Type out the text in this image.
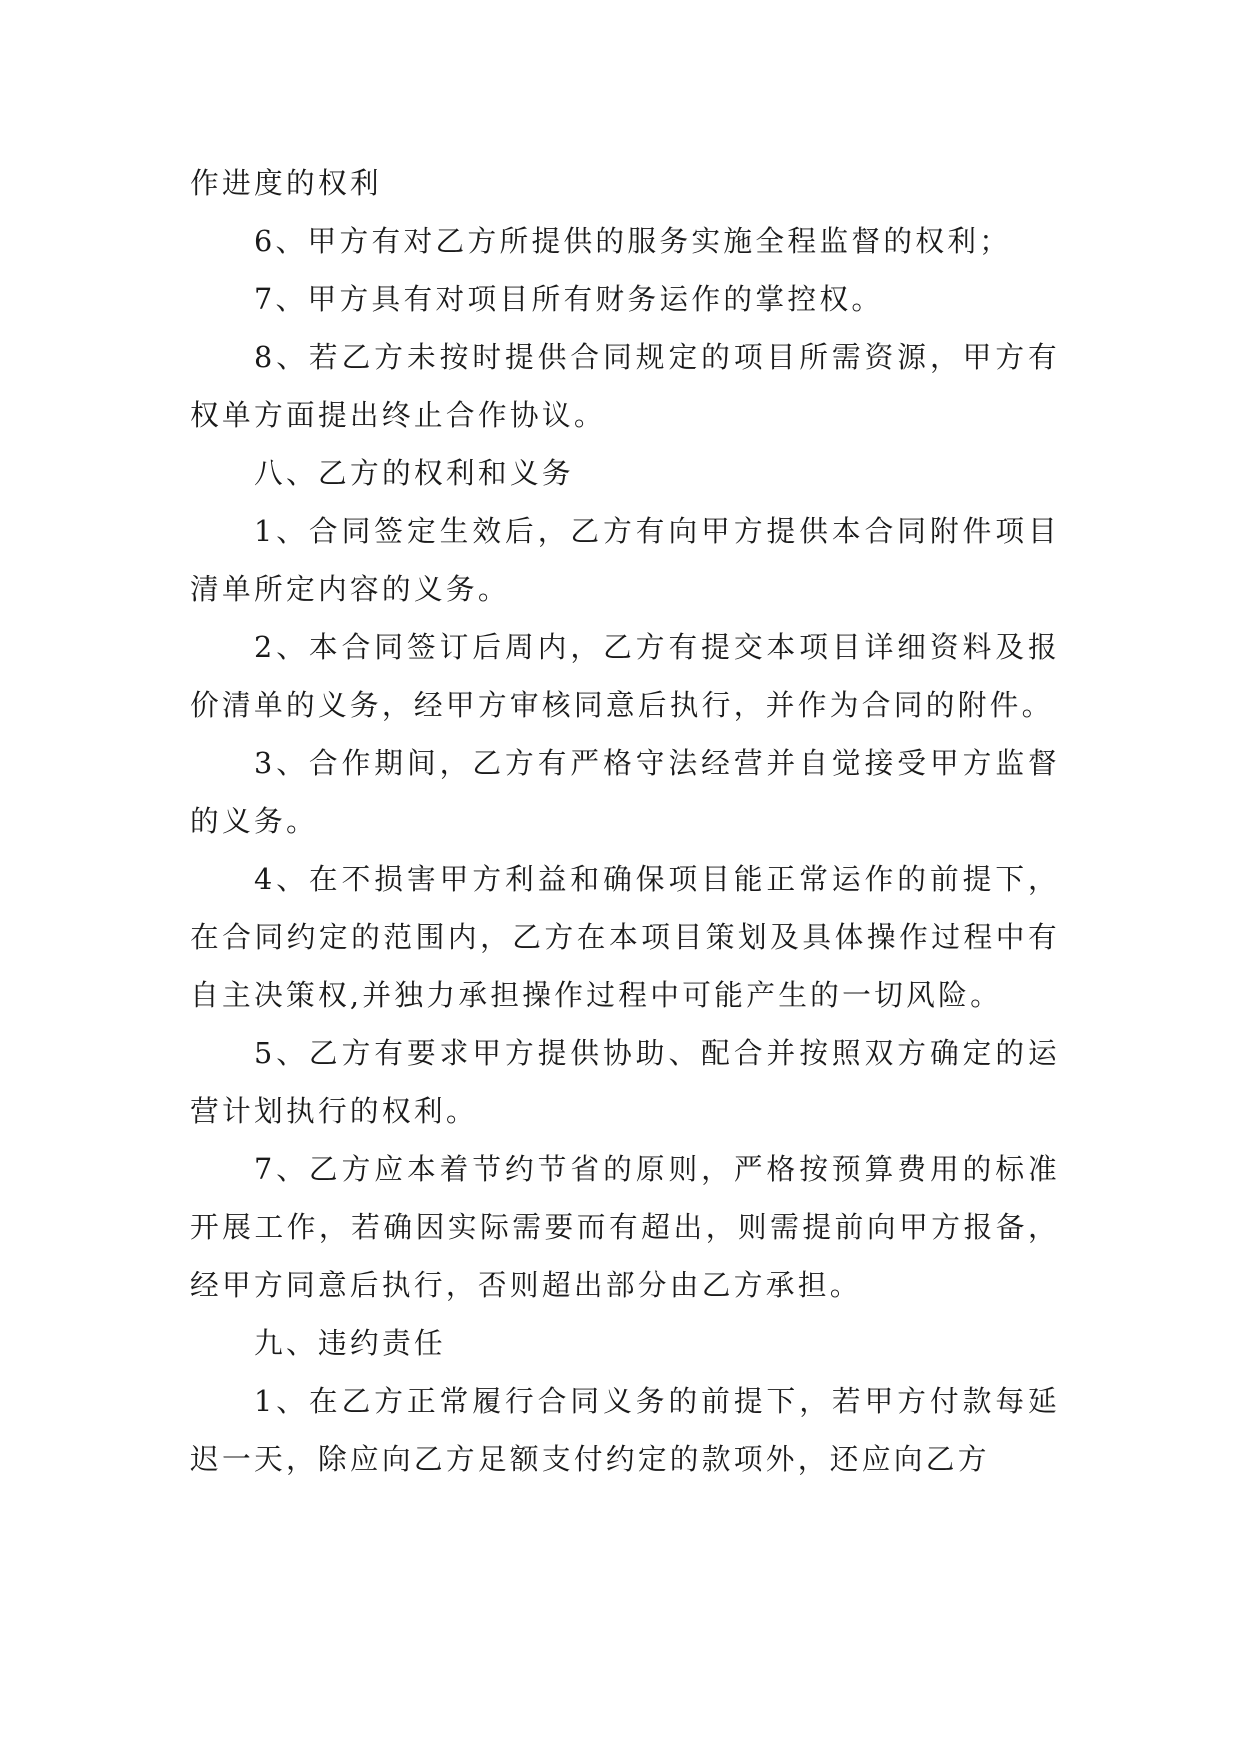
作进度的权利

6、甲方有对乙方所提供的服务实施全程监督的权利；

7、甲方具有对项目所有财务运作的掌控权。

8、若乙方未按时提供合同规定的项目所需资源，甲方有权单方面提出终止合作协议。

八、乙方的权利和义务

1、合同签定生效后，乙方有向甲方提供本合同附件项目清单所定内容的义务。

2、本合同签订后周内，乙方有提交本项目详细资料及报价清单的义务，经甲方审核同意后执行，并作为合同的附件。

3、合作期间，乙方有严格守法经营并自觉接受甲方监督的义务。

4、在不损害甲方利益和确保项目能正常运作的前提下，在合同约定的范围内，乙方在本项目策划及具体操作过程中有自主决策权,并独力承担操作过程中可能产生的一切风险。

5、乙方有要求甲方提供协助、配合并按照双方确定的运营计划执行的权利。

7、乙方应本着节约节省的原则，严格按预算费用的标准开展工作，若确因实际需要而有超出，则需提前向甲方报备，经甲方同意后执行，否则超出部分由乙方承担。

九、违约责任

1、在乙方正常履行合同义务的前提下，若甲方付款每延迟一天，除应向乙方足额支付约定的款项外，还应向乙方
